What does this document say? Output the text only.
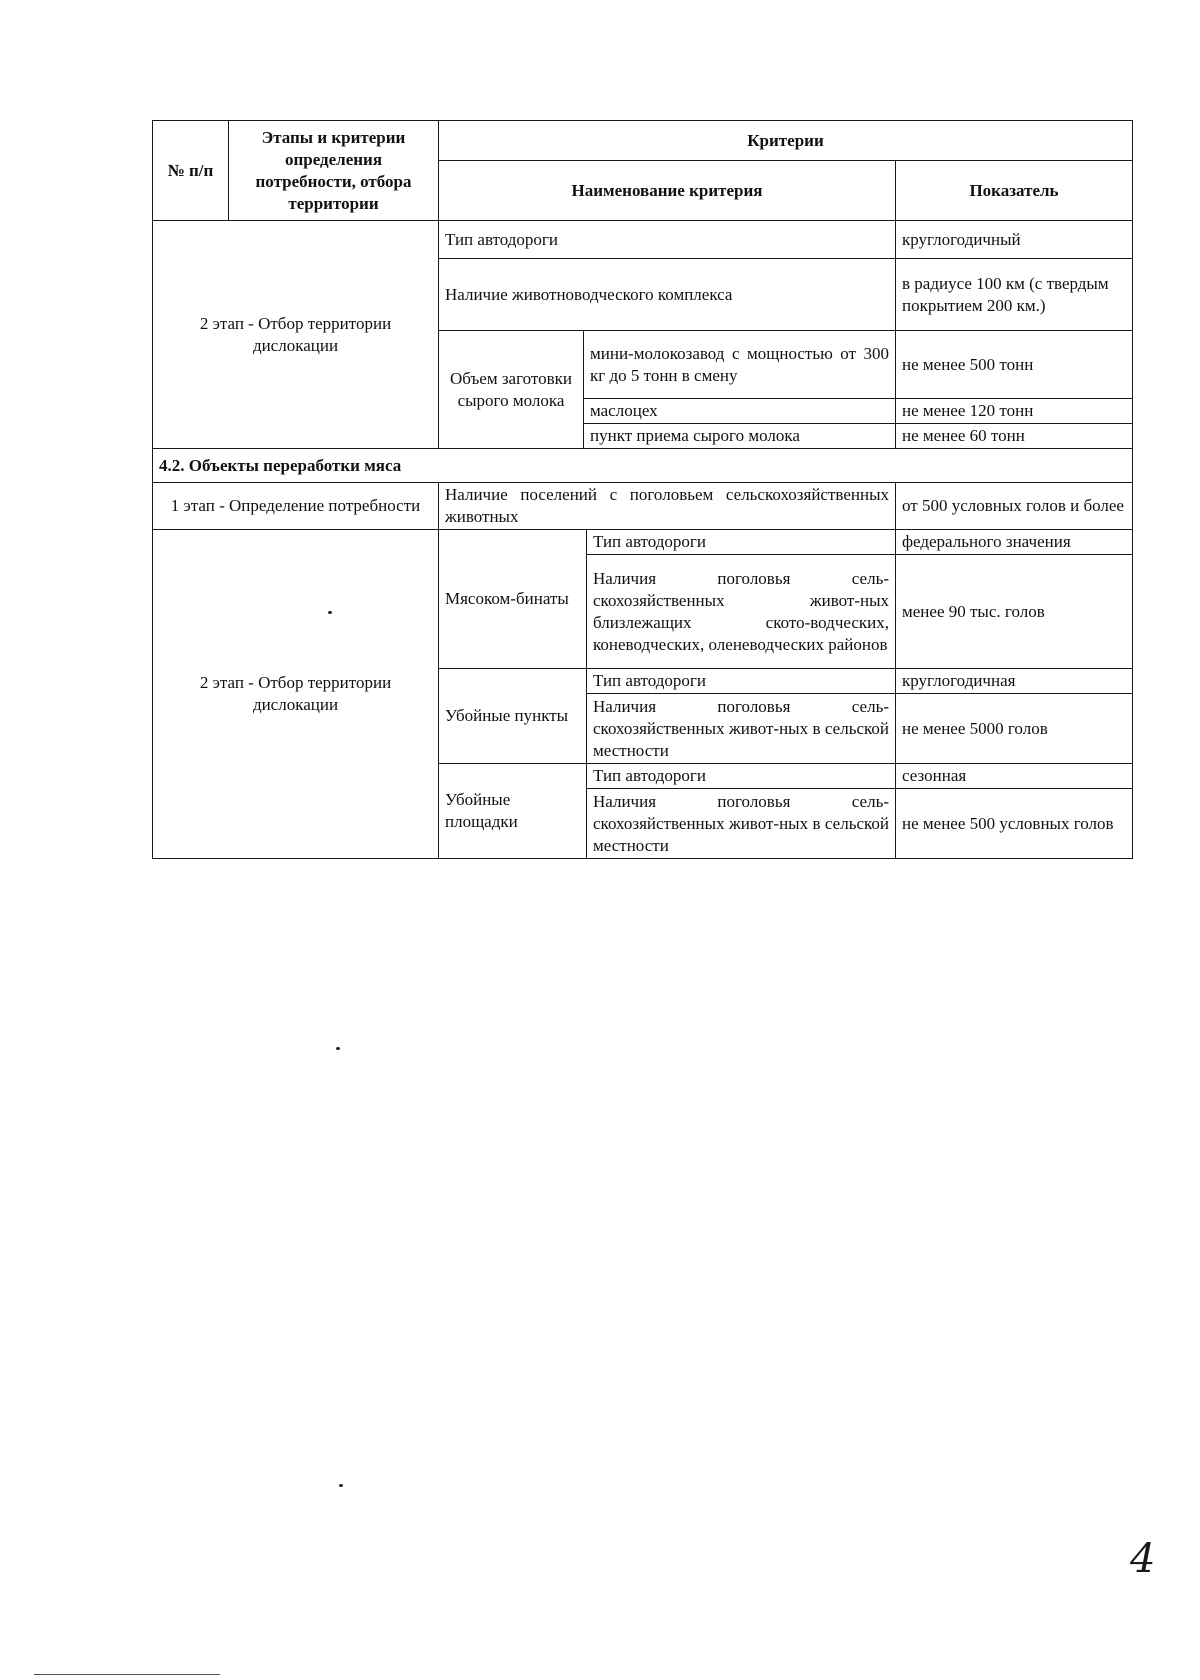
№ п/п	Этапы и критерии определения потребности, отбора территории	Критерии			
		Наименование критерия			Показатель
2 этап - Отбор территории дислокации		Тип автодороги			круглогодичный
		Наличие животноводческого комплекса			в радиусе 100 км (с твердым покрытием 200 км.)
		Объем заготовки сырого молока	мини-молокозавод с мощностью от 300 кг до 5 тонн в смену		не менее 500 тонн
			маслоцех		не менее 120 тонн
			пункт приема сырого молока		не менее 60 тонн
4.2. Объекты переработки мяса					
1 этап - Определение потребности		Наличие поселений с поголовьем сельскохозяйственных животных			от 500 условных голов и более
2 этап - Отбор территории дислокации		Мясоком-бинаты		Тип автодороги	федерального значения
				Наличия поголовья сель-скохозяйственных живот-ных близлежащих ското-водческих, коневодческих, оленеводческих районов	менее 90 тыс. голов
		Убойные пункты		Тип автодороги	круглогодичная
				Наличия поголовья сель-скохозяйственных живот-ных в сельской местности	не менее 5000 голов
		Убойные площадки		Тип автодороги	сезонная
				Наличия поголовья сель-скохозяйственных живот-ных в сельской местности	не менее 500 условных голов
4
